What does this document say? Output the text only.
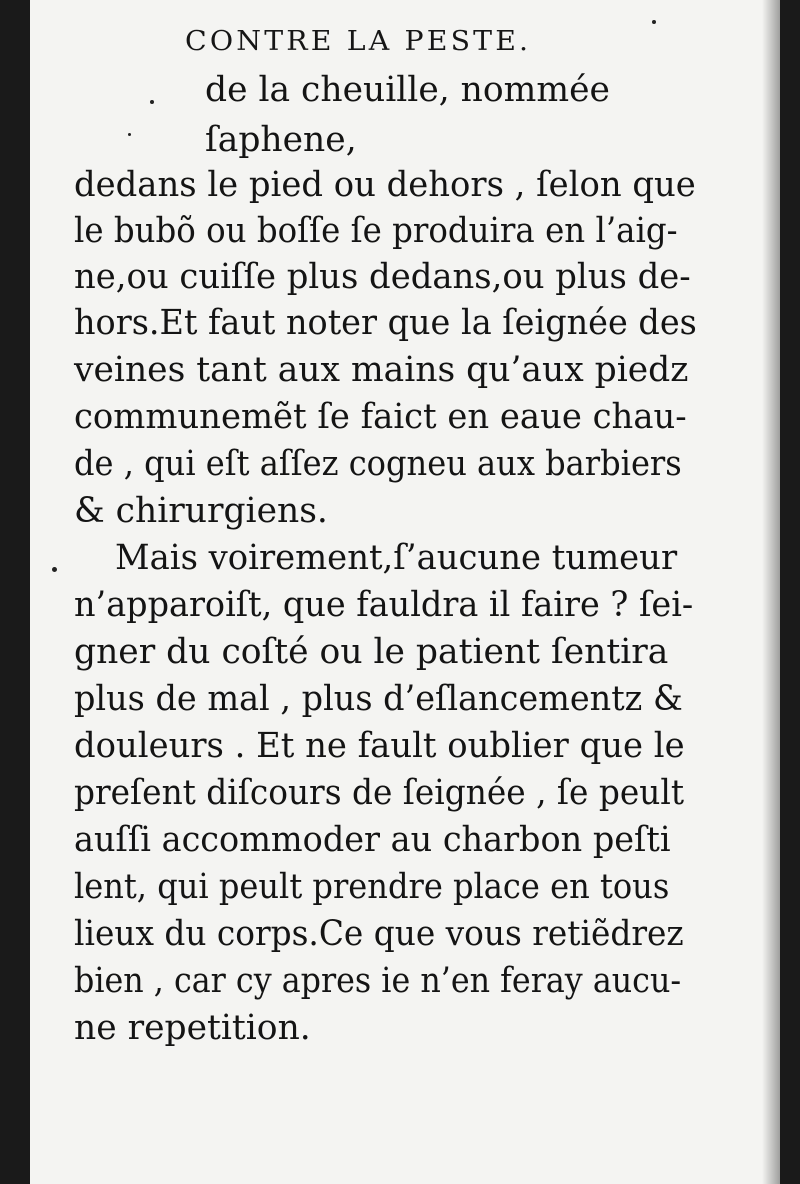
CONTRE LA PESTE.
de la cheuille, nommée
ſaphene,
dedans le pied ou dehors , ſelon que
le bubõ ou boſſe ſe produira en l’aig-
ne,ou cuiſſe plus dedans,ou plus de-
hors.Et faut noter que la ſeignée des
veines tant aux mains qu’aux piedz
communemẽt ſe faict en eaue chau-
de , qui eſt aſſez cogneu aux barbiers
& chirurgiens.
Mais voirement,ſ’aucune tumeur
n’apparoiſt, que fauldra il faire ? ſei-
gner du coſté ou le patient ſentira
plus de mal , plus d’eſlancementz &
douleurs . Et ne fault oublier que le
preſent diſcours de ſeignée , ſe peult
auſſi accommoder au charbon peſti
lent, qui peult prendre place en tous
lieux du corps.Ce que vous retiẽdrez
bien , car cy apres ie n’en feray aucu-
ne repetition.
